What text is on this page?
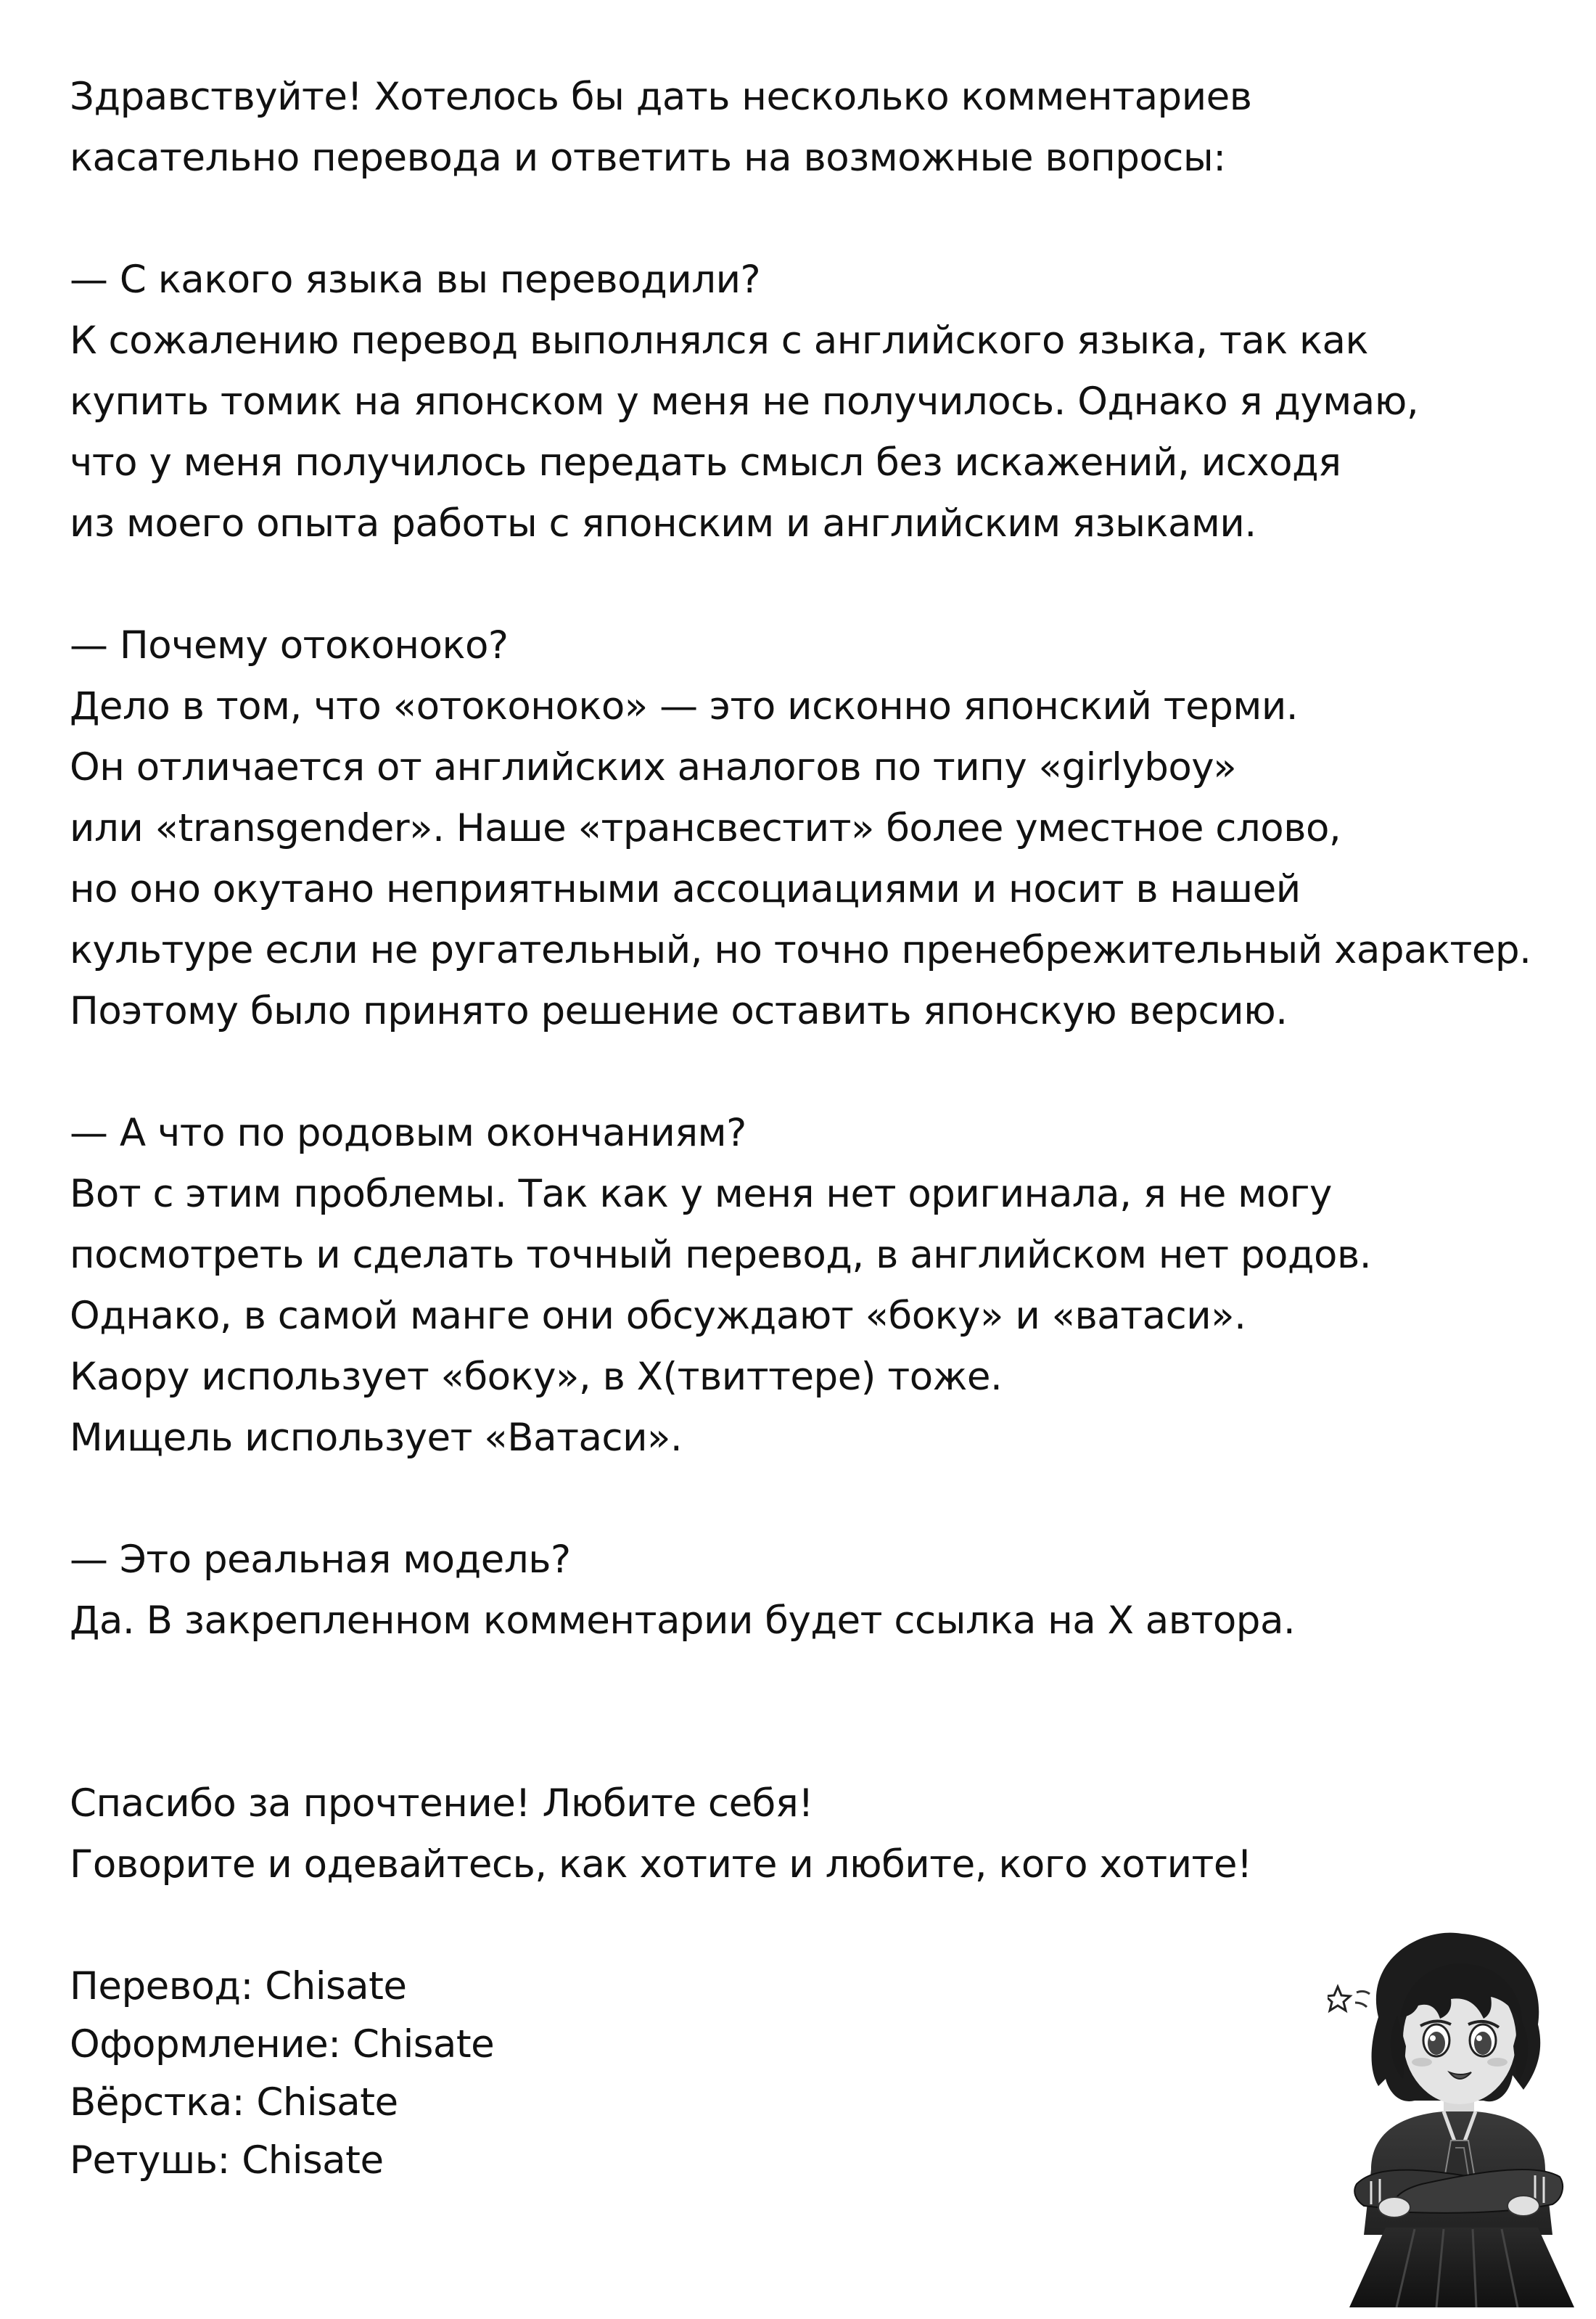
Здравствуйте! Хотелось бы дать несколько комментариев
касательно перевода и ответить на возможные вопросы:
— С какого языка вы переводили?
К сожалению перевод выполнялся с английского языка, так как
купить томик на японском у меня не получилось. Однако я думаю,
что у меня получилось передать смысл без искажений, исходя
из моего опыта работы с японским и английским языками.
— Почему отоконоко?
Дело в том, что «отоконоко» — это исконно японский терми.
Он отличается от английских аналогов по типу «girlyboy»
или «transgender». Наше «трансвестит» более уместное слово,
но оно окутано неприятными ассоциациями и носит в нашей
культуре если не ругательный, но точно пренебрежительный характер.
Поэтому было принято решение оставить японскую версию.
— А что по родовым окончаниям?
Вот с этим проблемы. Так как у меня нет оригинала, я не могу
посмотреть и сделать точный перевод, в английском нет родов.
Однако, в самой манге они обсуждают «боку» и «ватаси».
Каору использует «боку», в Х(твиттере) тоже.
Мищель использует «Ватаси».
— Это реальная модель?
Да. В закрепленном комментарии будет ссылка на Х автора.
Спасибо за прочтение! Любите себя!
Говорите и одевайтесь, как хотите и любите, кого хотите!
Перевод: Chisate
Оформление: Chisate
Вёрстка: Chisate
Ретушь: Chisate
